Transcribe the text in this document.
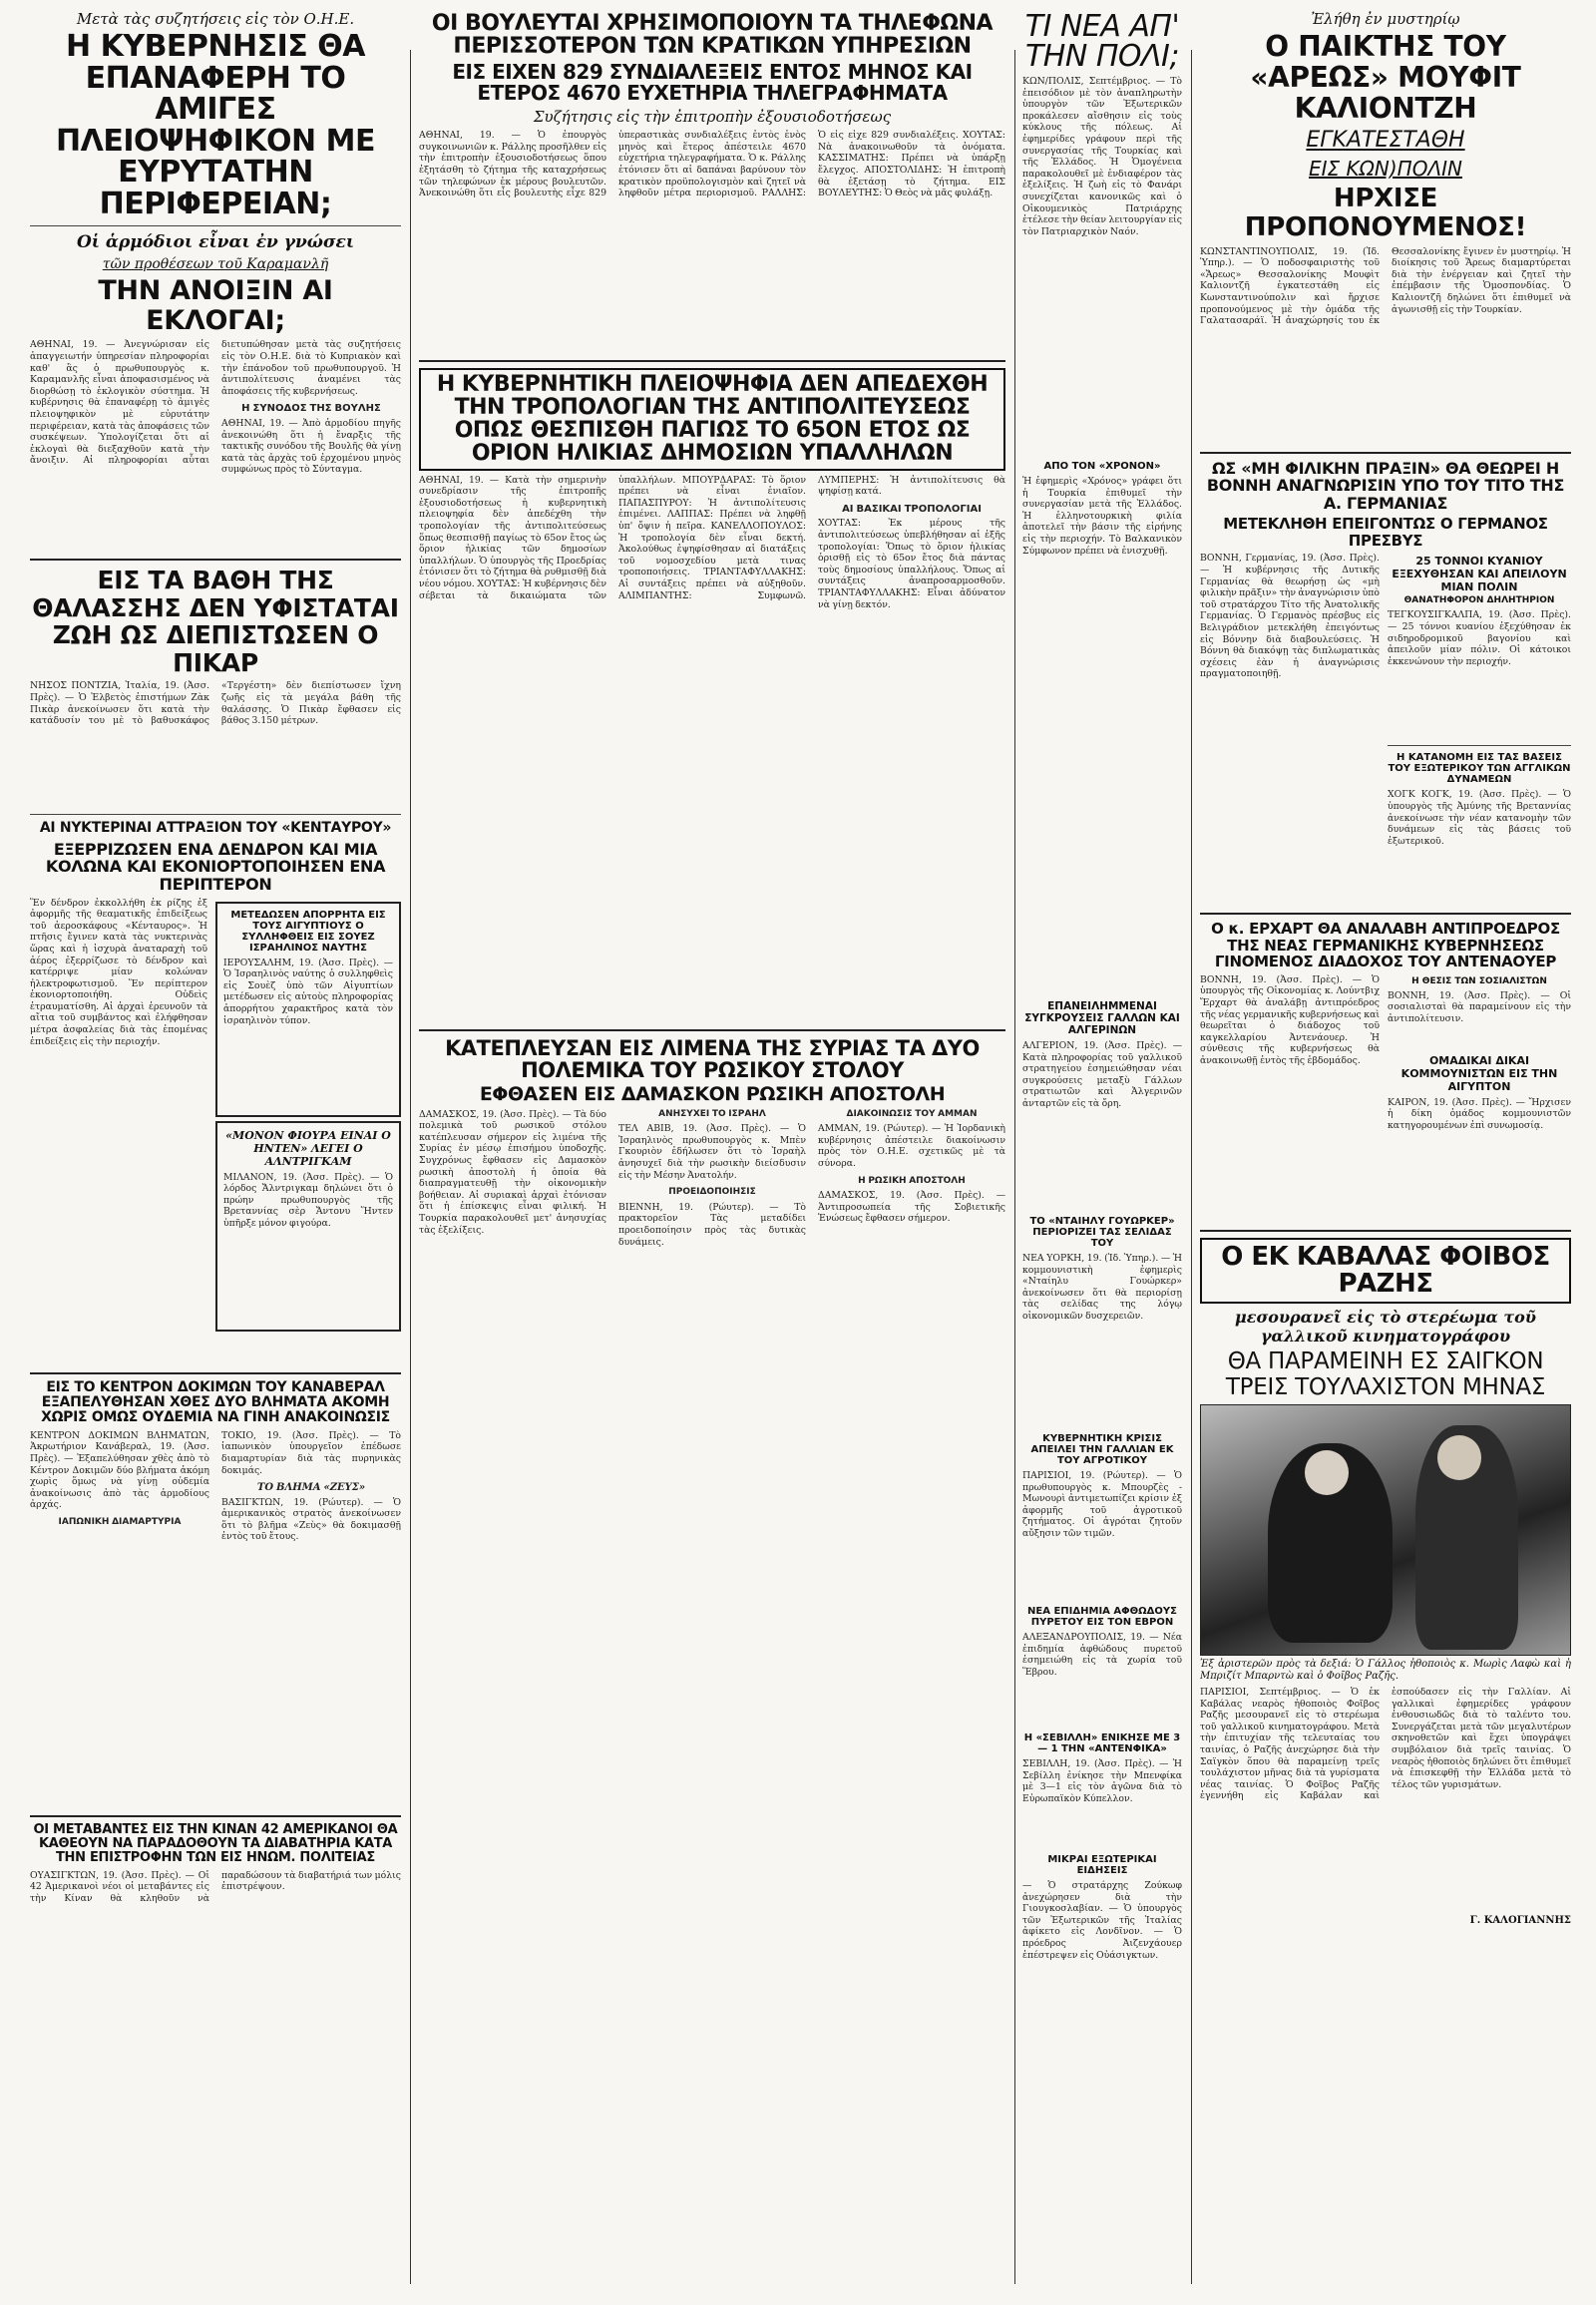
Μετὰ τὰς συζητήσεις εἰς τὸν Ο.Η.Ε.
Η ΚΥΒΕΡΝΗΣΙΣ ΘΑ ΕΠΑΝΑΦΕΡΗ ΤΟ ΑΜΙΓΕΣ ΠΛΕΙΟΨΗΦΙΚΟΝ ΜΕ ΕΥΡΥΤΑΤΗΝ ΠΕΡΙΦΕΡΕΙΑΝ;
Οἱ ἁρμόδιοι εἶναι ἐν γνώσει
τῶν προθέσεων τοῦ Καραμανλῆ
ΤΗΝ ΑΝΟΙΞΙΝ ΑΙ ΕΚΛΟΓΑΙ;
ΑΘΗΝΑΙ, 19. — Ἀνεγνώρισαν εἰς ἁπαγγειωτήν ὑπηρεσίαν πληροφορίαι καθ' ἃς ὁ πρωθυπουργὸς κ. Καραμανλῆς εἶναι ἀποφασισμένος νὰ διορθώσῃ τὸ ἐκλογικὸν σύστημα. Ἡ κυβέρνησις θὰ ἐπαναφέρῃ τὸ ἀμιγὲς πλειοψηφικὸν μὲ εὐρυτάτην περιφέρειαν, κατὰ τὰς ἀποφάσεις τῶν συσκέψεων. Ὑπολογίζεται ὅτι αἱ ἐκλογαὶ θὰ διεξαχθοῦν κατὰ τὴν ἄνοιξιν. Αἱ πληροφορίαι αὗται διετυπώθησαν μετὰ τὰς συζητήσεις εἰς τὸν Ο.Η.Ε. διὰ τὸ Κυπριακὸν καὶ τὴν ἐπάνοδον τοῦ πρωθυπουργοῦ. Ἡ ἀντιπολίτευσις ἀναμένει τὰς ἀποφάσεις τῆς κυβερνήσεως.
Η ΣΥΝΟΔΟΣ ΤΗΣ ΒΟΥΛΗΣ
ΑΘΗΝΑΙ, 19. — Ἀπὸ ἁρμοδίου πηγῆς ἀνεκοινώθη ὅτι ἡ ἔναρξις τῆς τακτικῆς συνόδου τῆς Βουλῆς θὰ γίνῃ κατὰ τὰς ἀρχὰς τοῦ ἐρχομένου μηνὸς συμφώνως πρὸς τὸ Σύνταγμα.
ΕΙΣ ΤΑ ΒΑΘΗ ΤΗΣ ΘΑΛΑΣΣΗΣ ΔΕΝ ΥΦΙΣΤΑΤΑΙ ΖΩΗ ΩΣ ΔΙΕΠΙΣΤΩΣΕΝ Ο ΠΙΚΑΡ
ΝΗΣΟΣ ΠΟΝΤΖΙΑ, Ἰταλία, 19. (Ἀσσ. Πρὲς). — Ὁ Ἐλβετὸς ἐπιστήμων Ζὰκ Πικὰρ ἀνεκοίνωσεν ὅτι κατὰ τὴν κατάδυσίν του μὲ τὸ βαθυσκάφος «Τεργέστη» δὲν διεπίστωσεν ἴχνη ζωῆς εἰς τὰ μεγάλα βάθη τῆς θαλάσσης. Ὁ Πικὰρ ἔφθασεν εἰς βάθος 3.150 μέτρων.
ΑΙ ΝΥΚΤΕΡΙΝΑΙ ΑΤΤΡΑΞΙΟΝ ΤΟΥ «ΚΕΝΤΑΥΡΟΥ»
ΕΞΕΡΡΙΖΩΣΕΝ ΕΝΑ ΔΕΝΔΡΟΝ ΚΑΙ ΜΙΑ ΚΟΛΩΝΑ ΚΑΙ ΕΚΟΝΙΟΡΤΟΠΟΙΗΣΕΝ ΕΝΑ ΠΕΡΙΠΤΕΡΟΝ
Ἕν δένδρον ἐκκολλήθη ἐκ ρίζης ἐξ ἀφορμῆς τῆς θεαματικῆς ἐπιδείξεως τοῦ ἀεροσκάφους «Κένταυρος». Ἡ πτῆσις ἔγινεν κατὰ τὰς νυκτερινὰς ὥρας καὶ ἡ ἰσχυρὰ ἀναταραχὴ τοῦ ἀέρος ἐξερρίζωσε τὸ δένδρον καὶ κατέρριψε μίαν κολώναν ἠλεκτροφωτισμοῦ. Ἕν περίπτερον ἐκονιορτοποιήθη. Οὐδεὶς ἐτραυματίσθη. Αἱ ἀρχαὶ ἐρευνοῦν τὰ αἴτια τοῦ συμβάντος καὶ ἐλήφθησαν μέτρα ἀσφαλείας διὰ τὰς ἑπομένας ἐπιδείξεις εἰς τὴν περιοχήν.
ΜΕΤΕΔΩΣΕΝ ΑΠΟΡΡΗΤΑ ΕΙΣ ΤΟΥΣ ΑΙΓΥΠΤΙΟΥΣ Ο ΣΥΛΛΗΦΘΕΙΣ ΕΙΣ ΣΟΥΕΖ ΙΣΡΑΗΛΙΝΟΣ ΝΑΥΤΗΣ
ΙΕΡΟΥΣΑΛΗΜ, 19. (Ἀσσ. Πρὲς). — Ὁ Ἰσραηλινὸς ναύτης ὁ συλληφθεὶς εἰς Σουὲζ ὑπὸ τῶν Αἰγυπτίων μετέδωσεν εἰς αὐτοὺς πληροφορίας ἀπορρήτου χαρακτῆρος κατὰ τὸν ἰσραηλινὸν τύπον.
«ΜΟΝΟΝ ΦΙΟΥΡΑ ΕΙΝΑΙ Ο ΗΝΤΕΝ» ΛΕΓΕΙ Ο ΑΛΝΤΡΙΓΚΑΜ
ΜΙΛΑΝΟΝ, 19. (Ἀσσ. Πρὲς). — Ὁ λόρδος Ἄλντριγκαμ δηλώνει ὅτι ὁ πρώην πρωθυπουργὸς τῆς Βρεταννίας σὲρ Ἄντονυ Ἥντεν ὑπῆρξε μόνον φιγούρα.
ΕΙΣ ΤΟ ΚΕΝΤΡΟΝ ΔΟΚΙΜΩΝ ΤΟΥ ΚΑΝΑΒΕΡΑΛ ΕΞΑΠΕΛΥΘΗΣΑΝ ΧΘΕΣ ΔΥΟ ΒΛΗΜΑΤΑ ΑΚΟΜΗ ΧΩΡΙΣ ΟΜΩΣ ΟΥΔΕΜΙΑ ΝΑ ΓΙΝΗ ΑΝΑΚΟΙΝΩΣΙΣ
ΚΕΝΤΡΟΝ ΔΟΚΙΜΩΝ ΒΛΗΜΑΤΩΝ, Ἀκρωτήριον Κανάβεραλ, 19. (Ἀσσ. Πρὲς). — Ἐξαπελύθησαν χθὲς ἀπὸ τὸ Κέντρον Δοκιμῶν δύο βλήματα ἀκόμη χωρὶς ὅμως νὰ γίνῃ οὐδεμία ἀνακοίνωσις ἀπὸ τὰς ἁρμοδίους ἀρχάς.
ΙΑΠΩΝΙΚΗ ΔΙΑΜΑΡΤΥΡΙΑ
ΤΟΚΙΟ, 19. (Ἀσσ. Πρὲς). — Τὸ ἰαπωνικὸν ὑπουργεῖον ἐπέδωσε διαμαρτυρίαν διὰ τὰς πυρηνικὰς δοκιμάς.
ΤΟ ΒΛΗΜΑ «ΖΕΥΣ»
ΒΑΣΙΓΚΤΩΝ, 19. (Ρώυτερ). — Ὁ ἀμερικανικὸς στρατὸς ἀνεκοίνωσεν ὅτι τὸ βλῆμα «Ζεὺς» θὰ δοκιμασθῇ ἐντὸς τοῦ ἔτους.
ΟΙ ΜΕΤΑΒΑΝΤΕΣ ΕΙΣ ΤΗΝ ΚΙΝΑΝ 42 ΑΜΕΡΙΚΑΝΟΙ ΘΑ ΚΑΘΕΟΥΝ ΝΑ ΠΑΡΑΔΟΘΟΥΝ ΤΑ ΔΙΑΒΑΤΗΡΙΑ ΚΑΤΑ ΤΗΝ ΕΠΙΣΤΡΟΦΗΝ ΤΩΝ ΕΙΣ ΗΝΩΜ. ΠΟΛΙΤΕΙΑΣ
ΟΥΑΣΙΓΚΤΩΝ, 19. (Ἀσσ. Πρὲς). — Οἱ 42 Ἀμερικανοὶ νέοι οἱ μεταβάντες εἰς τὴν Κίναν θὰ κληθοῦν νὰ παραδώσουν τὰ διαβατήριά των μόλις ἐπιστρέψουν.
ΟΙ ΒΟΥΛΕΥΤΑΙ ΧΡΗΣΙΜΟΠΟΙΟΥΝ ΤΑ ΤΗΛΕΦΩΝΑ ΠΕΡΙΣΣΟΤΕΡΟΝ ΤΩΝ ΚΡΑΤΙΚΩΝ ΥΠΗΡΕΣΙΩΝ
ΕΙΣ ΕΙΧΕΝ 829 ΣΥΝΔΙΑΛΕΞΕΙΣ ΕΝΤΟΣ ΜΗΝΟΣ ΚΑΙ ΕΤΕΡΟΣ 4670 ΕΥΧΕΤΗΡΙΑ ΤΗΛΕΓΡΑΦΗΜΑΤΑ
Συζήτησις εἰς τὴν ἐπιτροπὴν ἐξουσιοδοτήσεως
ΑΘΗΝΑΙ, 19. — Ὁ ἐπουργὸς συγκοινωνιῶν κ. Ράλλης προσῆλθεν εἰς τὴν ἐπιτροπὴν ἐξουσιοδοτήσεως ὅπου ἐξητάσθη τὸ ζήτημα τῆς καταχρήσεως τῶν τηλεφώνων ἐκ μέρους βουλευτῶν. Ἀνεκοινώθη ὅτι εἷς βουλευτὴς εἶχε 829 ὑπεραστικὰς συνδιαλέξεις ἐντὸς ἑνὸς μηνὸς καὶ ἕτερος ἀπέστειλε 4670 εὐχετήρια τηλεγραφήματα. Ὁ κ. Ράλλης ἐτόνισεν ὅτι αἱ δαπάναι βαρύνουν τὸν κρατικὸν προϋπολογισμὸν καὶ ζητεῖ νὰ ληφθοῦν μέτρα περιορισμοῦ. ΡΑΛΛΗΣ: Ὁ εἷς εἶχε 829 συνδιαλέξεις. ΧΟΥΤΑΣ: Νὰ ἀνακοινωθοῦν τὰ ὀνόματα. ΚΑΣΣΙΜΑΤΗΣ: Πρέπει νὰ ὑπάρξῃ ἔλεγχος. ΑΠΟΣΤΟΛΙΔΗΣ: Ἡ ἐπιτροπὴ θὰ ἐξετάσῃ τὸ ζήτημα. ΕΙΣ ΒΟΥΛΕΥΤΗΣ: Ὁ Θεὸς νὰ μᾶς φυλάξῃ.
Η ΚΥΒΕΡΝΗΤΙΚΗ ΠΛΕΙΟΨΗΦΙΑ ΔΕΝ ΑΠΕΔΕΧΘΗ ΤΗΝ ΤΡΟΠΟΛΟΓΙΑΝ ΤΗΣ ΑΝΤΙΠΟΛΙΤΕΥΣΕΩΣ ΟΠΩΣ ΘΕΣΠΙΣΘΗ ΠΑΓΙΩΣ ΤΟ 65ΟΝ ΕΤΟΣ ΩΣ ΟΡΙΟΝ ΗΛΙΚΙΑΣ ΔΗΜΟΣΙΩΝ ΥΠΑΛΛΗΛΩΝ
ΑΘΗΝΑΙ, 19. — Κατὰ τὴν σημερινὴν συνεδρίασιν τῆς ἐπιτροπῆς ἐξουσιοδοτήσεως ἡ κυβερνητικὴ πλειοψηφία δὲν ἀπεδέχθη τὴν τροπολογίαν τῆς ἀντιπολιτεύσεως ὅπως θεσπισθῇ παγίως τὸ 65ον ἔτος ὡς ὅριον ἡλικίας τῶν δημοσίων ὑπαλλήλων. Ὁ ὑπουργὸς τῆς Προεδρίας ἐτόνισεν ὅτι τὸ ζήτημα θὰ ρυθμισθῇ διὰ νέου νόμου. ΧΟΥΤΑΣ: Ἡ κυβέρνησις δὲν σέβεται τὰ δικαιώματα τῶν ὑπαλλήλων. ΜΠΟΥΡΔΑΡΑΣ: Τὸ ὅριον πρέπει νὰ εἶναι ἑνιαῖον. ΠΑΠΑΣΠΥΡΟΥ: Ἡ ἀντιπολίτευσις ἐπιμένει. ΛΑΠΠΑΣ: Πρέπει νὰ ληφθῇ ὑπ' ὄψιν ἡ πεῖρα. ΚΑΝΕΛΛΟΠΟΥΛΟΣ: Ἡ τροπολογία δὲν εἶναι δεκτή. Ἀκολούθως ἐψηφίσθησαν αἱ διατάξεις τοῦ νομοσχεδίου μετὰ τινας τροποποιήσεις. ΤΡΙΑΝΤΑΦΥΛΛΑΚΗΣ: Αἱ συντάξεις πρέπει νὰ αὐξηθοῦν. ΑΛΙΜΠΑΝΤΗΣ: Συμφωνῶ. ΛΥΜΠΕΡΗΣ: Ἡ ἀντιπολίτευσις θὰ ψηφίσῃ κατά.
ΑΙ ΒΑΣΙΚΑΙ ΤΡΟΠΟΛΟΓΙΑΙ
ΧΟΥΤΑΣ: Ἐκ μέρους τῆς ἀντιπολιτεύσεως ὑπεβλήθησαν αἱ ἑξῆς τροπολογίαι: Ὅπως τὸ ὅριον ἡλικίας ὁρισθῇ εἰς τὸ 65ον ἔτος διὰ πάντας τοὺς δημοσίους ὑπαλλήλους. Ὅπως αἱ συντάξεις ἀναπροσαρμοσθοῦν. ΤΡΙΑΝΤΑΦΥΛΛΑΚΗΣ: Εἶναι ἀδύνατον νὰ γίνῃ δεκτόν.
ΚΑΤΕΠΛΕΥΣΑΝ ΕΙΣ ΛΙΜΕΝΑ ΤΗΣ ΣΥΡΙΑΣ ΤΑ ΔΥΟ ΠΟΛΕΜΙΚΑ ΤΟΥ ΡΩΣΙΚΟΥ ΣΤΟΛΟΥ
ΕΦΘΑΣΕΝ ΕΙΣ ΔΑΜΑΣΚΟΝ ΡΩΣΙΚΗ ΑΠΟΣΤΟΛΗ
ΔΑΜΑΣΚΟΣ, 19. (Ἀσσ. Πρὲς). — Τὰ δύο πολεμικὰ τοῦ ρωσικοῦ στόλου κατέπλευσαν σήμερον εἰς λιμένα τῆς Συρίας ἐν μέσῳ ἐπισήμου ὑποδοχῆς. Συγχρόνως ἔφθασεν εἰς Δαμασκὸν ρωσικὴ ἀποστολὴ ἡ ὁποία θὰ διαπραγματευθῇ τὴν οἰκονομικὴν βοήθειαν. Αἱ συριακαὶ ἀρχαὶ ἐτόνισαν ὅτι ἡ ἐπίσκεψις εἶναι φιλική. Ἡ Τουρκία παρακολουθεῖ μετ' ἀνησυχίας τὰς ἐξελίξεις.
ΑΝΗΣΥΧΕΙ ΤΟ ΙΣΡΑΗΛ
ΤΕΛ ΑΒΙΒ, 19. (Ἀσσ. Πρὲς). — Ὁ Ἰσραηλινὸς πρωθυπουργὸς κ. Μπὲν Γκουριὸν ἐδήλωσεν ὅτι τὸ Ἰσραὴλ ἀνησυχεῖ διὰ τὴν ρωσικὴν διείσδυσιν εἰς τὴν Μέσην Ἀνατολήν.
ΠΡΟΕΙΔΟΠΟΙΗΣΙΣ
ΒΙΕΝΝΗ, 19. (Ρώυτερ). — Τὸ πρακτορεῖον Τὰς μεταδίδει προειδοποίησιν πρὸς τὰς δυτικὰς δυνάμεις.
ΔΙΑΚΟΙΝΩΣΙΣ ΤΟΥ ΑΜΜΑΝ
ΑΜΜΑΝ, 19. (Ρώυτερ). — Ἡ Ἰορδανικὴ κυβέρνησις ἀπέστειλε διακοίνωσιν πρὸς τὸν Ο.Η.Ε. σχετικῶς μὲ τὰ σύνορα.
Η ΡΩΣΙΚΗ ΑΠΟΣΤΟΛΗ
ΔΑΜΑΣΚΟΣ, 19. (Ἀσσ. Πρὲς). — Ἀντιπροσωπεία τῆς Σοβιετικῆς Ἑνώσεως ἔφθασεν σήμερον.
ΤΙ ΝΕΑ ΑΠ' ΤΗΝ ΠΟΛΙ;
ΚΩΝ/ΠΟΛΙΣ, Σεπτέμβριος. — Τὸ ἐπεισόδιον μὲ τὸν ἀναπληρωτὴν ὑπουργὸν τῶν Ἐξωτερικῶν προκάλεσεν αἴσθησιν εἰς τοὺς κύκλους τῆς πόλεως. Αἱ ἐφημερίδες γράφουν περὶ τῆς συνεργασίας τῆς Τουρκίας καὶ τῆς Ἑλλάδος. Ἡ Ὁμογένεια παρακολουθεῖ μὲ ἐνδιαφέρον τὰς ἐξελίξεις. Ἡ ζωὴ εἰς τὸ Φανάρι συνεχίζεται κανονικῶς καὶ ὁ Οἰκουμενικὸς Πατριάρχης ἐτέλεσε τὴν θείαν λειτουργίαν εἰς τὸν Πατριαρχικὸν Ναόν.
ΑΠΟ ΤΟΝ «ΧΡΟΝΟΝ»
Ἡ ἐφημερὶς «Χρόνος» γράφει ὅτι ἡ Τουρκία ἐπιθυμεῖ τὴν συνεργασίαν μετὰ τῆς Ἑλλάδος. Ἡ ἑλληνοτουρκικὴ φιλία ἀποτελεῖ τὴν βάσιν τῆς εἰρήνης εἰς τὴν περιοχήν. Τὸ Βαλκανικὸν Σύμφωνον πρέπει νὰ ἐνισχυθῇ.
ΕΠΑΝΕΙΛΗΜΜΕΝΑΙ ΣΥΓΚΡΟΥΣΕΙΣ ΓΑΛΛΩΝ ΚΑΙ ΑΛΓΕΡΙΝΩΝ
ΑΛΓΕΡΙΟΝ, 19. (Ἀσσ. Πρὲς). — Κατὰ πληροφορίας τοῦ γαλλικοῦ στρατηγείου ἐσημειώθησαν νέαι συγκρούσεις μεταξὺ Γάλλων στρατιωτῶν καὶ Ἀλγερινῶν ἀνταρτῶν εἰς τὰ ὄρη.
ΤΟ «ΝΤΑΙΗΛΥ ΓΟΥΩΡΚΕΡ» ΠΕΡΙΟΡΙΖΕΙ ΤΑΣ ΣΕΛΙΔΑΣ ΤΟΥ
ΝΕΑ ΥΟΡΚΗ, 19. (Ἰδ. Ὑπηρ.). — Ἡ κομμουνιστικὴ ἐφημερὶς «Νταίηλυ Γουώρκερ» ἀνεκοίνωσεν ὅτι θὰ περιορίσῃ τὰς σελίδας της λόγῳ οἰκονομικῶν δυσχερειῶν.
ΚΥΒΕΡΝΗΤΙΚΗ ΚΡΙΣΙΣ ΑΠΕΙΛΕΙ ΤΗΝ ΓΑΛΛΙΑΝ ΕΚ ΤΟΥ ΑΓΡΟΤΙΚΟΥ
ΠΑΡΙΣΙΟΙ, 19. (Ρώυτερ). — Ὁ πρωθυπουργὸς κ. Μπουρζὲς - Μωνουρὶ ἀντιμετωπίζει κρίσιν ἐξ ἀφορμῆς τοῦ ἀγροτικοῦ ζητήματος. Οἱ ἀγρόται ζητοῦν αὔξησιν τῶν τιμῶν.
ΝΕΑ ΕΠΙΔΗΜΙΑ ΑΦΘΩΔΟΥΣ ΠΥΡΕΤΟΥ ΕΙΣ ΤΟΝ ΕΒΡΟΝ
ΑΛΕΞΑΝΔΡΟΥΠΟΛΙΣ, 19. — Νέα ἐπιδημία ἀφθώδους πυρετοῦ ἐσημειώθη εἰς τὰ χωρία τοῦ Ἕβρου.
Η «ΣΕΒΙΛΛΗ» ΕΝΙΚΗΣΕ ΜΕ 3 — 1 ΤΗΝ «ΑΝΤΕΝΦΙΚΑ»
ΣΕΒΙΛΛΗ, 19. (Ἀσσ. Πρὲς). — Ἡ Σεβίλλη ἐνίκησε τὴν Μπενφίκα μὲ 3—1 εἰς τὸν ἀγῶνα διὰ τὸ Εὐρωπαϊκὸν Κύπελλον.
ΜΙΚΡΑΙ ΕΞΩΤΕΡΙΚΑΙ ΕΙΔΗΣΕΙΣ
— Ὁ στρατάρχης Ζούκωφ ἀνεχώρησεν διὰ τὴν Γιουγκοσλαβίαν. — Ὁ ὑπουργὸς τῶν Ἐξωτερικῶν τῆς Ἰταλίας ἀφίκετο εἰς Λονδῖνον. — Ὁ πρόεδρος Ἀιζενχάουερ ἐπέστρεψεν εἰς Οὐάσιγκτων.
Ἐλήθη ἐν μυστηρίῳ
Ο ΠΑΙΚΤΗΣ ΤΟΥ «ΑΡΕΩΣ» ΜΟΥΦΙΤ ΚΑΛΙΟΝΤΖΗ
ΕΓΚΑΤΕΣΤΑΘΗ
ΕΙΣ ΚΩΝ)ΠΟΛΙΝ
ΗΡΧΙΣΕ ΠΡΟΠΟΝΟΥΜΕΝΟΣ!
ΚΩΝΣΤΑΝΤΙΝΟΥΠΟΛΙΣ, 19. (Ἰδ. Ὑπηρ.). — Ὁ ποδοσφαιριστὴς τοῦ «Ἄρεως» Θεσσαλονίκης Μουφὶτ Καλιοντζῆ ἐγκατεστάθη εἰς Κωνσταντινούπολιν καὶ ἤρχισε προπονούμενος μὲ τὴν ὁμάδα τῆς Γαλατασαράϊ. Ἡ ἀναχώρησίς του ἐκ Θεσσαλονίκης ἔγινεν ἐν μυστηρίῳ. Ἡ διοίκησις τοῦ Ἄρεως διαμαρτύρεται διὰ τὴν ἐνέργειαν καὶ ζητεῖ τὴν ἐπέμβασιν τῆς Ὁμοσπονδίας. Ὁ Καλιοντζῆ δηλώνει ὅτι ἐπιθυμεῖ νὰ ἀγωνισθῇ εἰς τὴν Τουρκίαν.
ΩΣ «ΜΗ ΦΙΛΙΚΗΝ ΠΡΑΞΙΝ» ΘΑ ΘΕΩΡΕΙ Η ΒΟΝΝΗ ΑΝΑΓΝΩΡΙΣΙΝ ΥΠΟ ΤΟΥ ΤΙΤΟ ΤΗΣ Α. ΓΕΡΜΑΝΙΑΣ
ΜΕΤΕΚΛΗΘΗ ΕΠΕΙΓΟΝΤΩΣ Ο ΓΕΡΜΑΝΟΣ ΠΡΕΣΒΥΣ
ΒΟΝΝΗ, Γερμανίας, 19. (Ἀσσ. Πρὲς). — Ἡ κυβέρνησις τῆς Δυτικῆς Γερμανίας θὰ θεωρήσῃ ὡς «μὴ φιλικὴν πρᾶξιν» τὴν ἀναγνώρισιν ὑπὸ τοῦ στρατάρχου Τίτο τῆς Ἀνατολικῆς Γερμανίας. Ὁ Γερμανὸς πρέσβυς εἰς Βελιγράδιον μετεκλήθη ἐπειγόντως εἰς Βόννην διὰ διαβουλεύσεις. Ἡ Βόννη θὰ διακόψῃ τὰς διπλωματικὰς σχέσεις ἐὰν ἡ ἀναγνώρισις πραγματοποιηθῇ.
25 ΤΟΝΝΟΙ ΚΥΑΝΙΟΥ ΕΞΕΧΥΘΗΣΑΝ ΚΑΙ ΑΠΕΙΛΟΥΝ ΜΙΑΝ ΠΟΛΙΝ
ΘΑΝΑΤΗΦΟΡΟΝ ΔΗΛΗΤΗΡΙΟΝ
ΤΕΓΚΟΥΣΙΓΚΑΛΠΑ, 19. (Ἀσσ. Πρὲς). — 25 τόννοι κυανίου ἐξεχύθησαν ἐκ σιδηροδρομικοῦ βαγονίου καὶ ἀπειλοῦν μίαν πόλιν. Οἱ κάτοικοι ἐκκενώνουν τὴν περιοχήν.
Η ΚΑΤΑΝΟΜΗ ΕΙΣ ΤΑΣ ΒΑΣΕΙΣ ΤΟΥ ΕΞΩΤΕΡΙΚΟΥ ΤΩΝ ΑΓΓΛΙΚΩΝ ΔΥΝΑΜΕΩΝ
ΧΟΓΚ ΚΟΓΚ, 19. (Ἀσσ. Πρὲς). — Ὁ ὑπουργὸς τῆς Ἀμύνης τῆς Βρεταννίας ἀνεκοίνωσε τὴν νέαν κατανομὴν τῶν δυνάμεων εἰς τὰς βάσεις τοῦ ἐξωτερικοῦ.
Ο κ. ΕΡΧΑΡΤ ΘΑ ΑΝΑΛΑΒΗ ΑΝΤΙΠΡΟΕΔΡΟΣ ΤΗΣ ΝΕΑΣ ΓΕΡΜΑΝΙΚΗΣ ΚΥΒΕΡΝΗΣΕΩΣ ΓΙΝΟΜΕΝΟΣ ΔΙΑΔΟΧΟΣ ΤΟΥ ΑΝΤΕΝΑΟΥΕΡ
ΒΟΝΝΗ, 19. (Ἀσσ. Πρὲς). — Ὁ ὑπουργὸς τῆς Οἰκονομίας κ. Λούντβιχ Ἔρχαρτ θὰ ἀναλάβῃ ἀντιπρόεδρος τῆς νέας γερμανικῆς κυβερνήσεως καὶ θεωρεῖται ὁ διάδοχος τοῦ καγκελλαρίου Ἀντενάουερ. Ἡ σύνθεσις τῆς κυβερνήσεως θὰ ἀνακοινωθῇ ἐντὸς τῆς ἑβδομάδος.
Η ΘΕΣΙΣ ΤΩΝ ΣΟΣΙΑΛΙΣΤΩΝ
ΒΟΝΝΗ, 19. (Ἀσσ. Πρὲς). — Οἱ σοσιαλισταὶ θὰ παραμείνουν εἰς τὴν ἀντιπολίτευσιν.
ΟΜΑΔΙΚΑΙ ΔΙΚΑΙ ΚΟΜΜΟΥΝΙΣΤΩΝ ΕΙΣ ΤΗΝ ΑΙΓΥΠΤΟΝ
ΚΑΙΡΟΝ, 19. (Ἀσσ. Πρὲς). — Ἤρχισεν ἡ δίκη ὁμάδος κομμουνιστῶν κατηγορουμένων ἐπὶ συνωμοσίᾳ.
Ο ΕΚ ΚΑΒΑΛΑΣ ΦΟΙΒΟΣ ΡΑΖΗΣ
μεσουρανεῖ εἰς τὸ στερέωμα τοῦ γαλλικοῦ κινηματογράφου
ΘΑ ΠΑΡΑΜΕΙΝΗ ΕΣ ΣΑΙΓΚΟΝ ΤΡΕΙΣ ΤΟΥΛΑΧΙΣΤΟΝ ΜΗΝΑΣ
Ἐξ ἀριστερῶν πρὸς τὰ δεξιά: Ὁ Γάλλος ἠθοποιὸς κ. Μωρὶς Λαφὼ καὶ ἡ Μπριζίτ Μπαρντὼ καὶ ὁ Φοῖβος Ραζῆς.
ΠΑΡΙΣΙΟΙ, Σεπτέμβριος. — Ὁ ἐκ Καβάλας νεαρὸς ἠθοποιὸς Φοῖβος Ραζῆς μεσουρανεῖ εἰς τὸ στερέωμα τοῦ γαλλικοῦ κινηματογράφου. Μετὰ τὴν ἐπιτυχίαν τῆς τελευταίας του ταινίας, ὁ Ραζῆς ἀνεχώρησε διὰ τὴν Σαϊγκὸν ὅπου θὰ παραμείνῃ τρεῖς τουλάχιστον μῆνας διὰ τὰ γυρίσματα νέας ταινίας. Ὁ Φοῖβος Ραζῆς ἐγεννήθη εἰς Καβάλαν καὶ ἐσπούδασεν εἰς τὴν Γαλλίαν. Αἱ γαλλικαὶ ἐφημερίδες γράφουν ἐνθουσιωδῶς διὰ τὸ ταλέντο του. Συνεργάζεται μετὰ τῶν μεγαλυτέρων σκηνοθετῶν καὶ ἔχει ὑπογράψει συμβόλαιον διὰ τρεῖς ταινίας. Ὁ νεαρὸς ἠθοποιὸς δηλώνει ὅτι ἐπιθυμεῖ νὰ ἐπισκεφθῇ τὴν Ἑλλάδα μετὰ τὸ τέλος τῶν γυρισμάτων.
Γ. ΚΑΛΟΓΙΑΝΝΗΣ
